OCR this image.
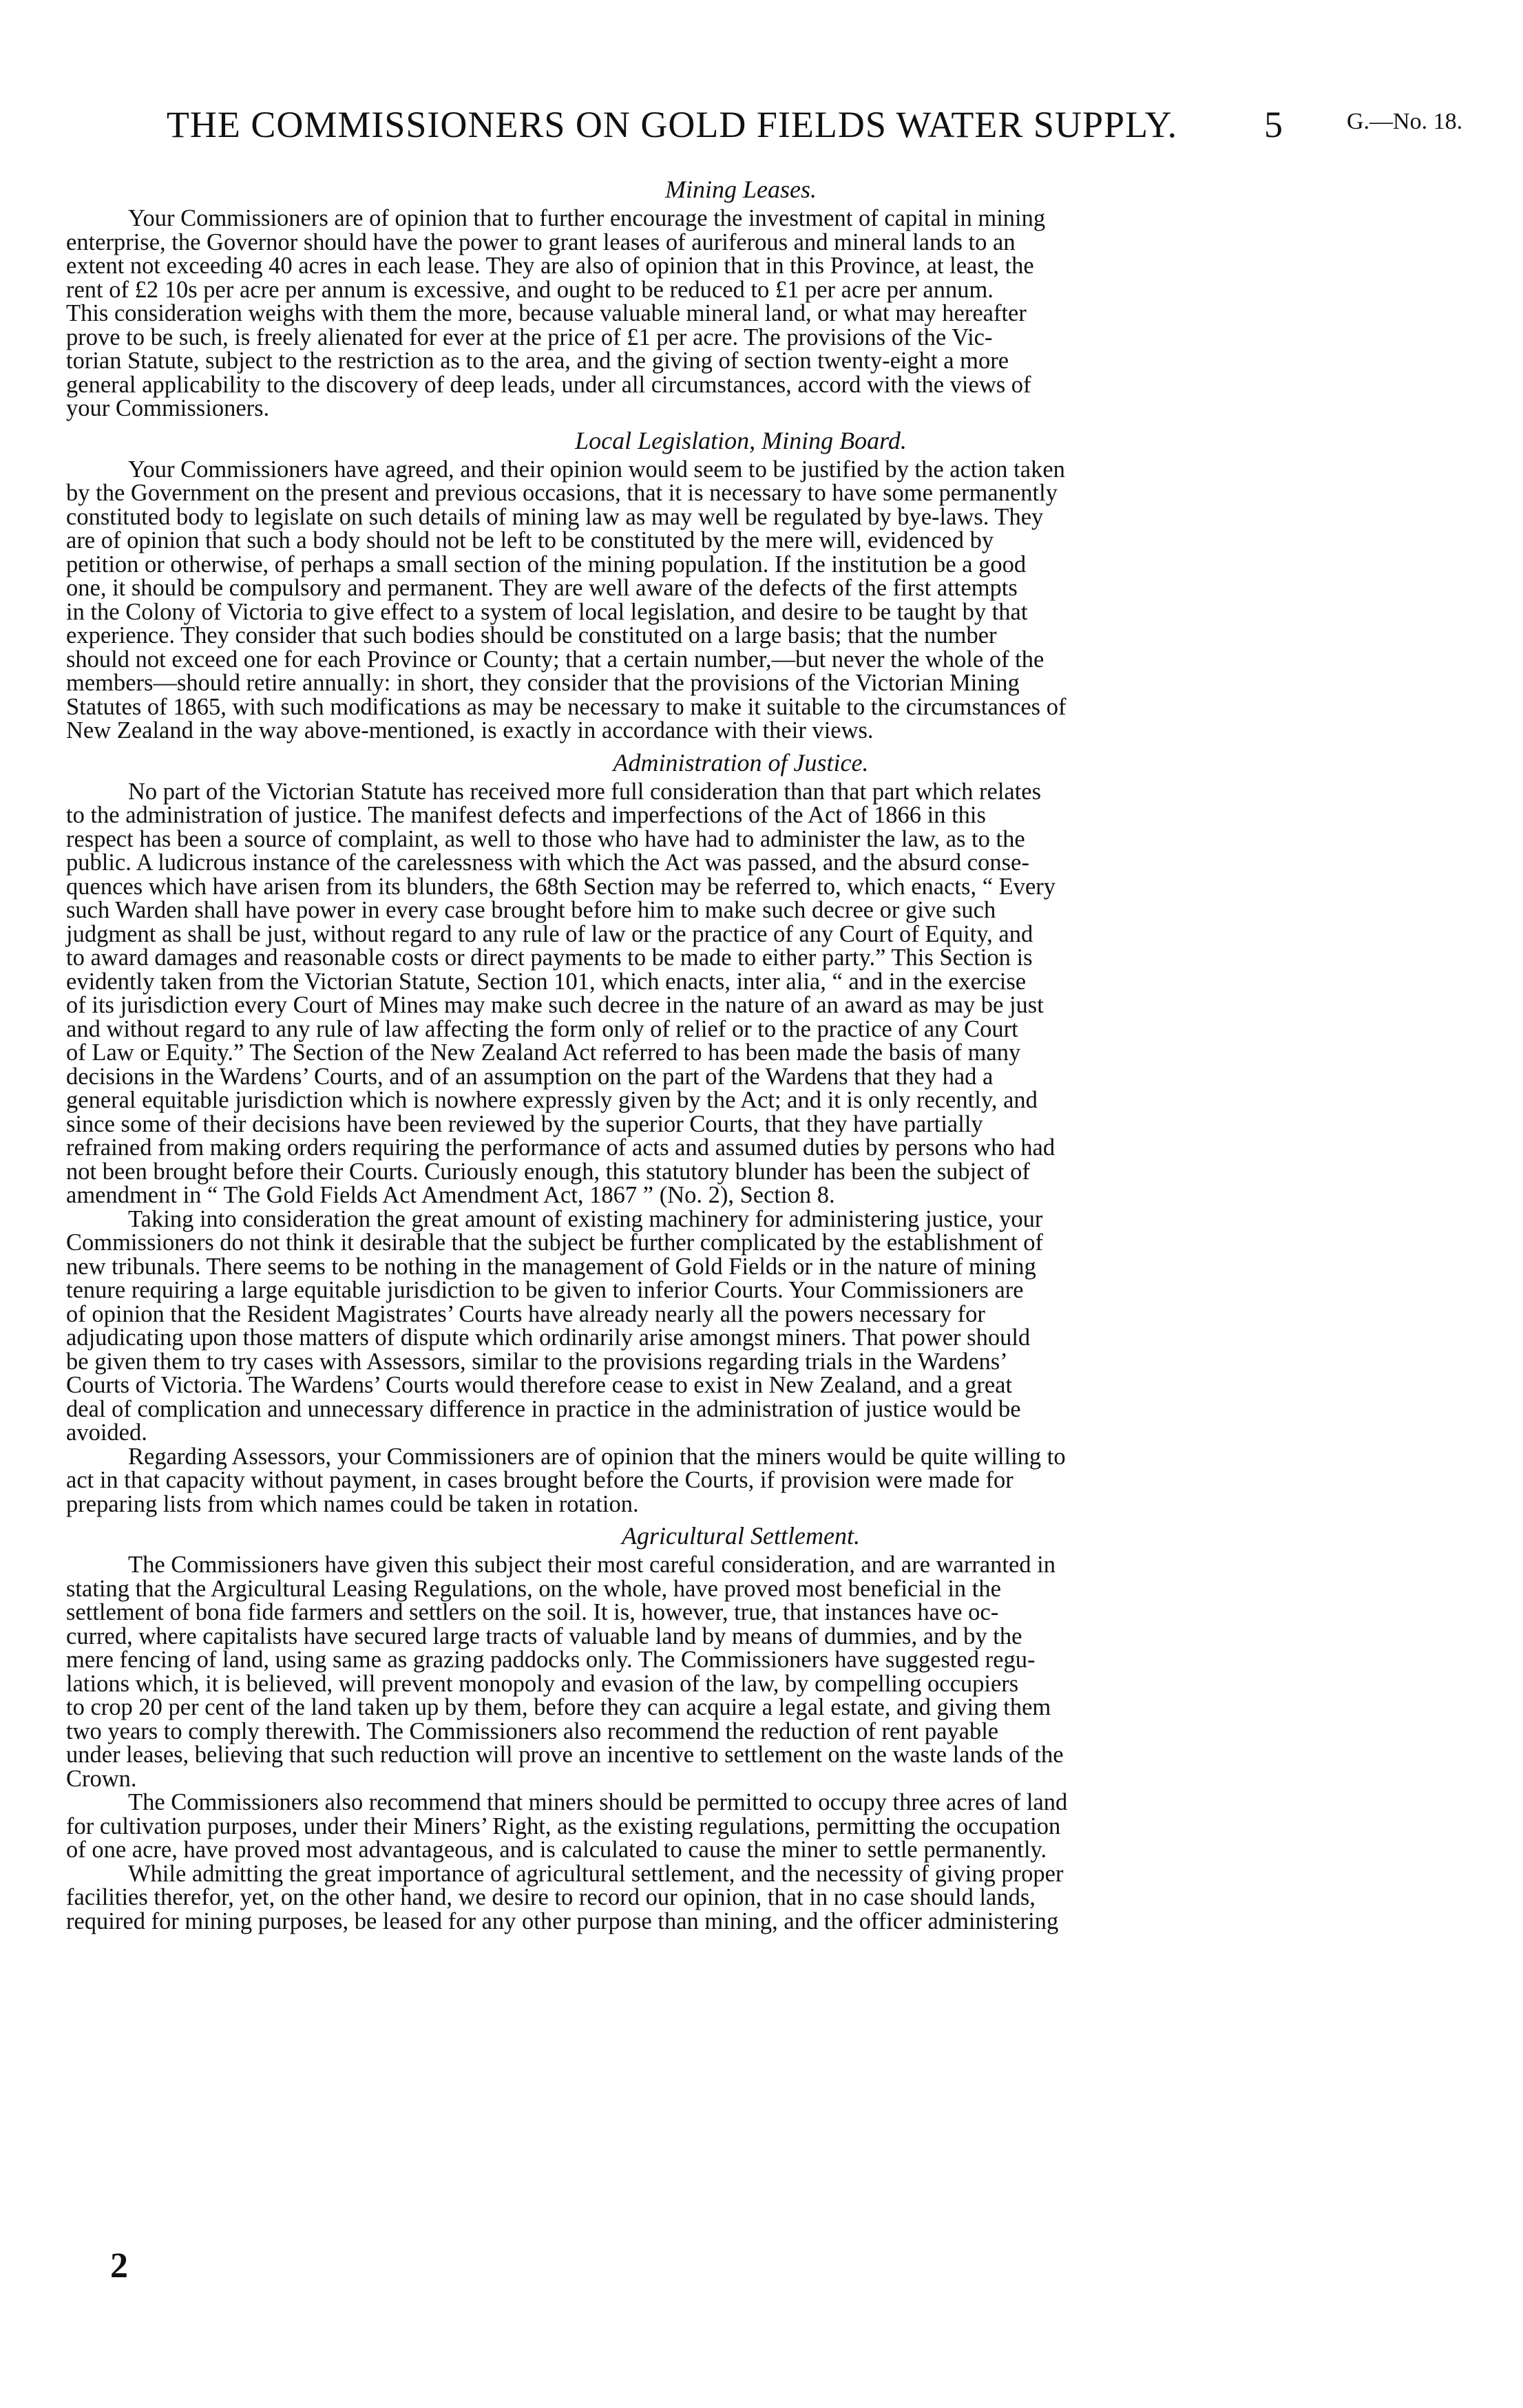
THE COMMISSIONERS ON GOLD FIELDS WATER SUPPLY.	5	G.—No. 18.
Mining Leases.

Your Commissioners are of opinion that to further encourage the investment of capital in mining
enterprise, the Governor should have the power to grant leases of auriferous and mineral lands to an
extent not exceeding 40 acres in each lease. They are also of opinion that in this Province, at least, the
rent of £2 10s per acre per annum is excessive, and ought to be reduced to £1 per acre per annum.
This consideration weighs with them the more, because valuable mineral land, or what may hereafter
prove to be such, is freely alienated for ever at the price of £1 per acre. The provisions of the Vic-
torian Statute, subject to the restriction as to the area, and the giving of section twenty-eight a more
general applicability to the discovery of deep leads, under all circumstances, accord with the views of
your Commissioners.

Local Legislation, Mining Board.

Your Commissioners have agreed, and their opinion would seem to be justified by the action taken
by the Government on the present and previous occasions, that it is necessary to have some permanently
constituted body to legislate on such details of mining law as may well be regulated by bye-laws. They
are of opinion that such a body should not be left to be constituted by the mere will, evidenced by
petition or otherwise, of perhaps a small section of the mining population. If the institution be a good
one, it should be compulsory and permanent. They are well aware of the defects of the first attempts
in the Colony of Victoria to give effect to a system of local legislation, and desire to be taught by that
experience. They consider that such bodies should be constituted on a large basis; that the number
should not exceed one for each Province or County; that a certain number,—but never the whole of the
members—should retire annually: in short, they consider that the provisions of the Victorian Mining
Statutes of 1865, with such modifications as may be necessary to make it suitable to the circumstances of
New Zealand in the way above-mentioned, is exactly in accordance with their views.

Administration of Justice.

No part of the Victorian Statute has received more full consideration than that part which relates
to the administration of justice. The manifest defects and imperfections of the Act of 1866 in this
respect has been a source of complaint, as well to those who have had to administer the law, as to the
public. A ludicrous instance of the carelessness with which the Act was passed, and the absurd conse-
quences which have arisen from its blunders, the 68th Section may be referred to, which enacts, “ Every
such Warden shall have power in every case brought before him to make such decree or give such
judgment as shall be just, without regard to any rule of law or the practice of any Court of Equity, and
to award damages and reasonable costs or direct payments to be made to either party.” This Section is
evidently taken from the Victorian Statute, Section 101, which enacts, inter alia, “ and in the exercise
of its jurisdiction every Court of Mines may make such decree in the nature of an award as may be just
and without regard to any rule of law affecting the form only of relief or to the practice of any Court
of Law or Equity.” The Section of the New Zealand Act referred to has been made the basis of many
decisions in the Wardens’ Courts, and of an assumption on the part of the Wardens that they had a
general equitable jurisdiction which is nowhere expressly given by the Act; and it is only recently, and
since some of their decisions have been reviewed by the superior Courts, that they have partially
refrained from making orders requiring the performance of acts and assumed duties by persons who had
not been brought before their Courts. Curiously enough, this statutory blunder has been the subject of
amendment in “ The Gold Fields Act Amendment Act, 1867 ” (No. 2), Section 8.

Taking into consideration the great amount of existing machinery for administering justice, your
Commissioners do not think it desirable that the subject be further complicated by the establishment of
new tribunals. There seems to be nothing in the management of Gold Fields or in the nature of mining
tenure requiring a large equitable jurisdiction to be given to inferior Courts. Your Commissioners are
of opinion that the Resident Magistrates’ Courts have already nearly all the powers necessary for
adjudicating upon those matters of dispute which ordinarily arise amongst miners. That power should
be given them to try cases with Assessors, similar to the provisions regarding trials in the Wardens’
Courts of Victoria. The Wardens’ Courts would therefore cease to exist in New Zealand, and a great
deal of complication and unnecessary difference in practice in the administration of justice would be
avoided.

Regarding Assessors, your Commissioners are of opinion that the miners would be quite willing to
act in that capacity without payment, in cases brought before the Courts, if provision were made for
preparing lists from which names could be taken in rotation.

Agricultural Settlement.

The Commissioners have given this subject their most careful consideration, and are warranted in
stating that the Argicultural Leasing Regulations, on the whole, have proved most beneficial in the
settlement of bona fide farmers and settlers on the soil. It is, however, true, that instances have oc-
curred, where capitalists have secured large tracts of valuable land by means of dummies, and by the
mere fencing of land, using same as grazing paddocks only. The Commissioners have suggested regu-
lations which, it is believed, will prevent monopoly and evasion of the law, by compelling occupiers
to crop 20 per cent of the land taken up by them, before they can acquire a legal estate, and giving them
two years to comply therewith. The Commissioners also recommend the reduction of rent payable
under leases, believing that such reduction will prove an incentive to settlement on the waste lands of the
Crown.

The Commissioners also recommend that miners should be permitted to occupy three acres of land
for cultivation purposes, under their Miners’ Right, as the existing regulations, permitting the occupation
of one acre, have proved most advantageous, and is calculated to cause the miner to settle permanently.

While admitting the great importance of agricultural settlement, and the necessity of giving proper
facilities therefor, yet, on the other hand, we desire to record our opinion, that in no case should lands,
required for mining purposes, be leased for any other purpose than mining, and the officer administering

2
